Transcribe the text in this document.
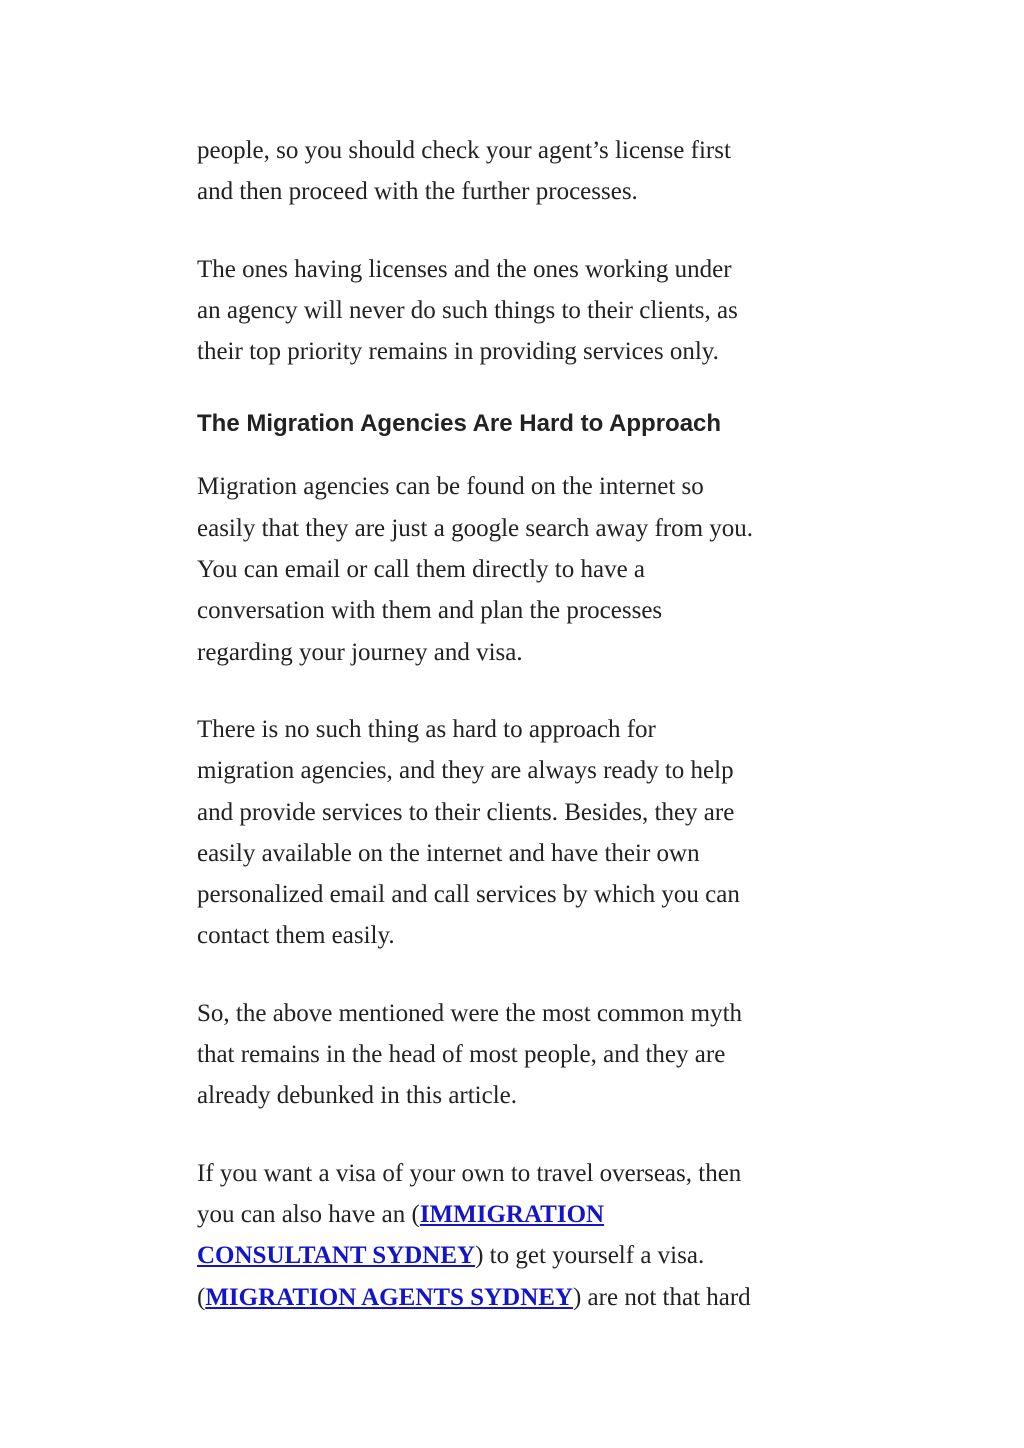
people, so you should check your agent’s license first
and then proceed with the further processes.

The ones having licenses and the ones working under
an agency will never do such things to their clients, as
their top priority remains in providing services only.

The Migration Agencies Are Hard to Approach

Migration agencies can be found on the internet so
easily that they are just a google search away from you.
You can email or call them directly to have a
conversation with them and plan the processes
regarding your journey and visa.

There is no such thing as hard to approach for
migration agencies, and they are always ready to help
and provide services to their clients. Besides, they are
easily available on the internet and have their own
personalized email and call services by which you can
contact them easily.

So, the above mentioned were the most common myth
that remains in the head of most people, and they are
already debunked in this article.

If you want a visa of your own to travel overseas, then
you can also have an (IMMIGRATION
CONSULTANT SYDNEY) to get yourself a visa.
(MIGRATION AGENTS SYDNEY) are not that hard
